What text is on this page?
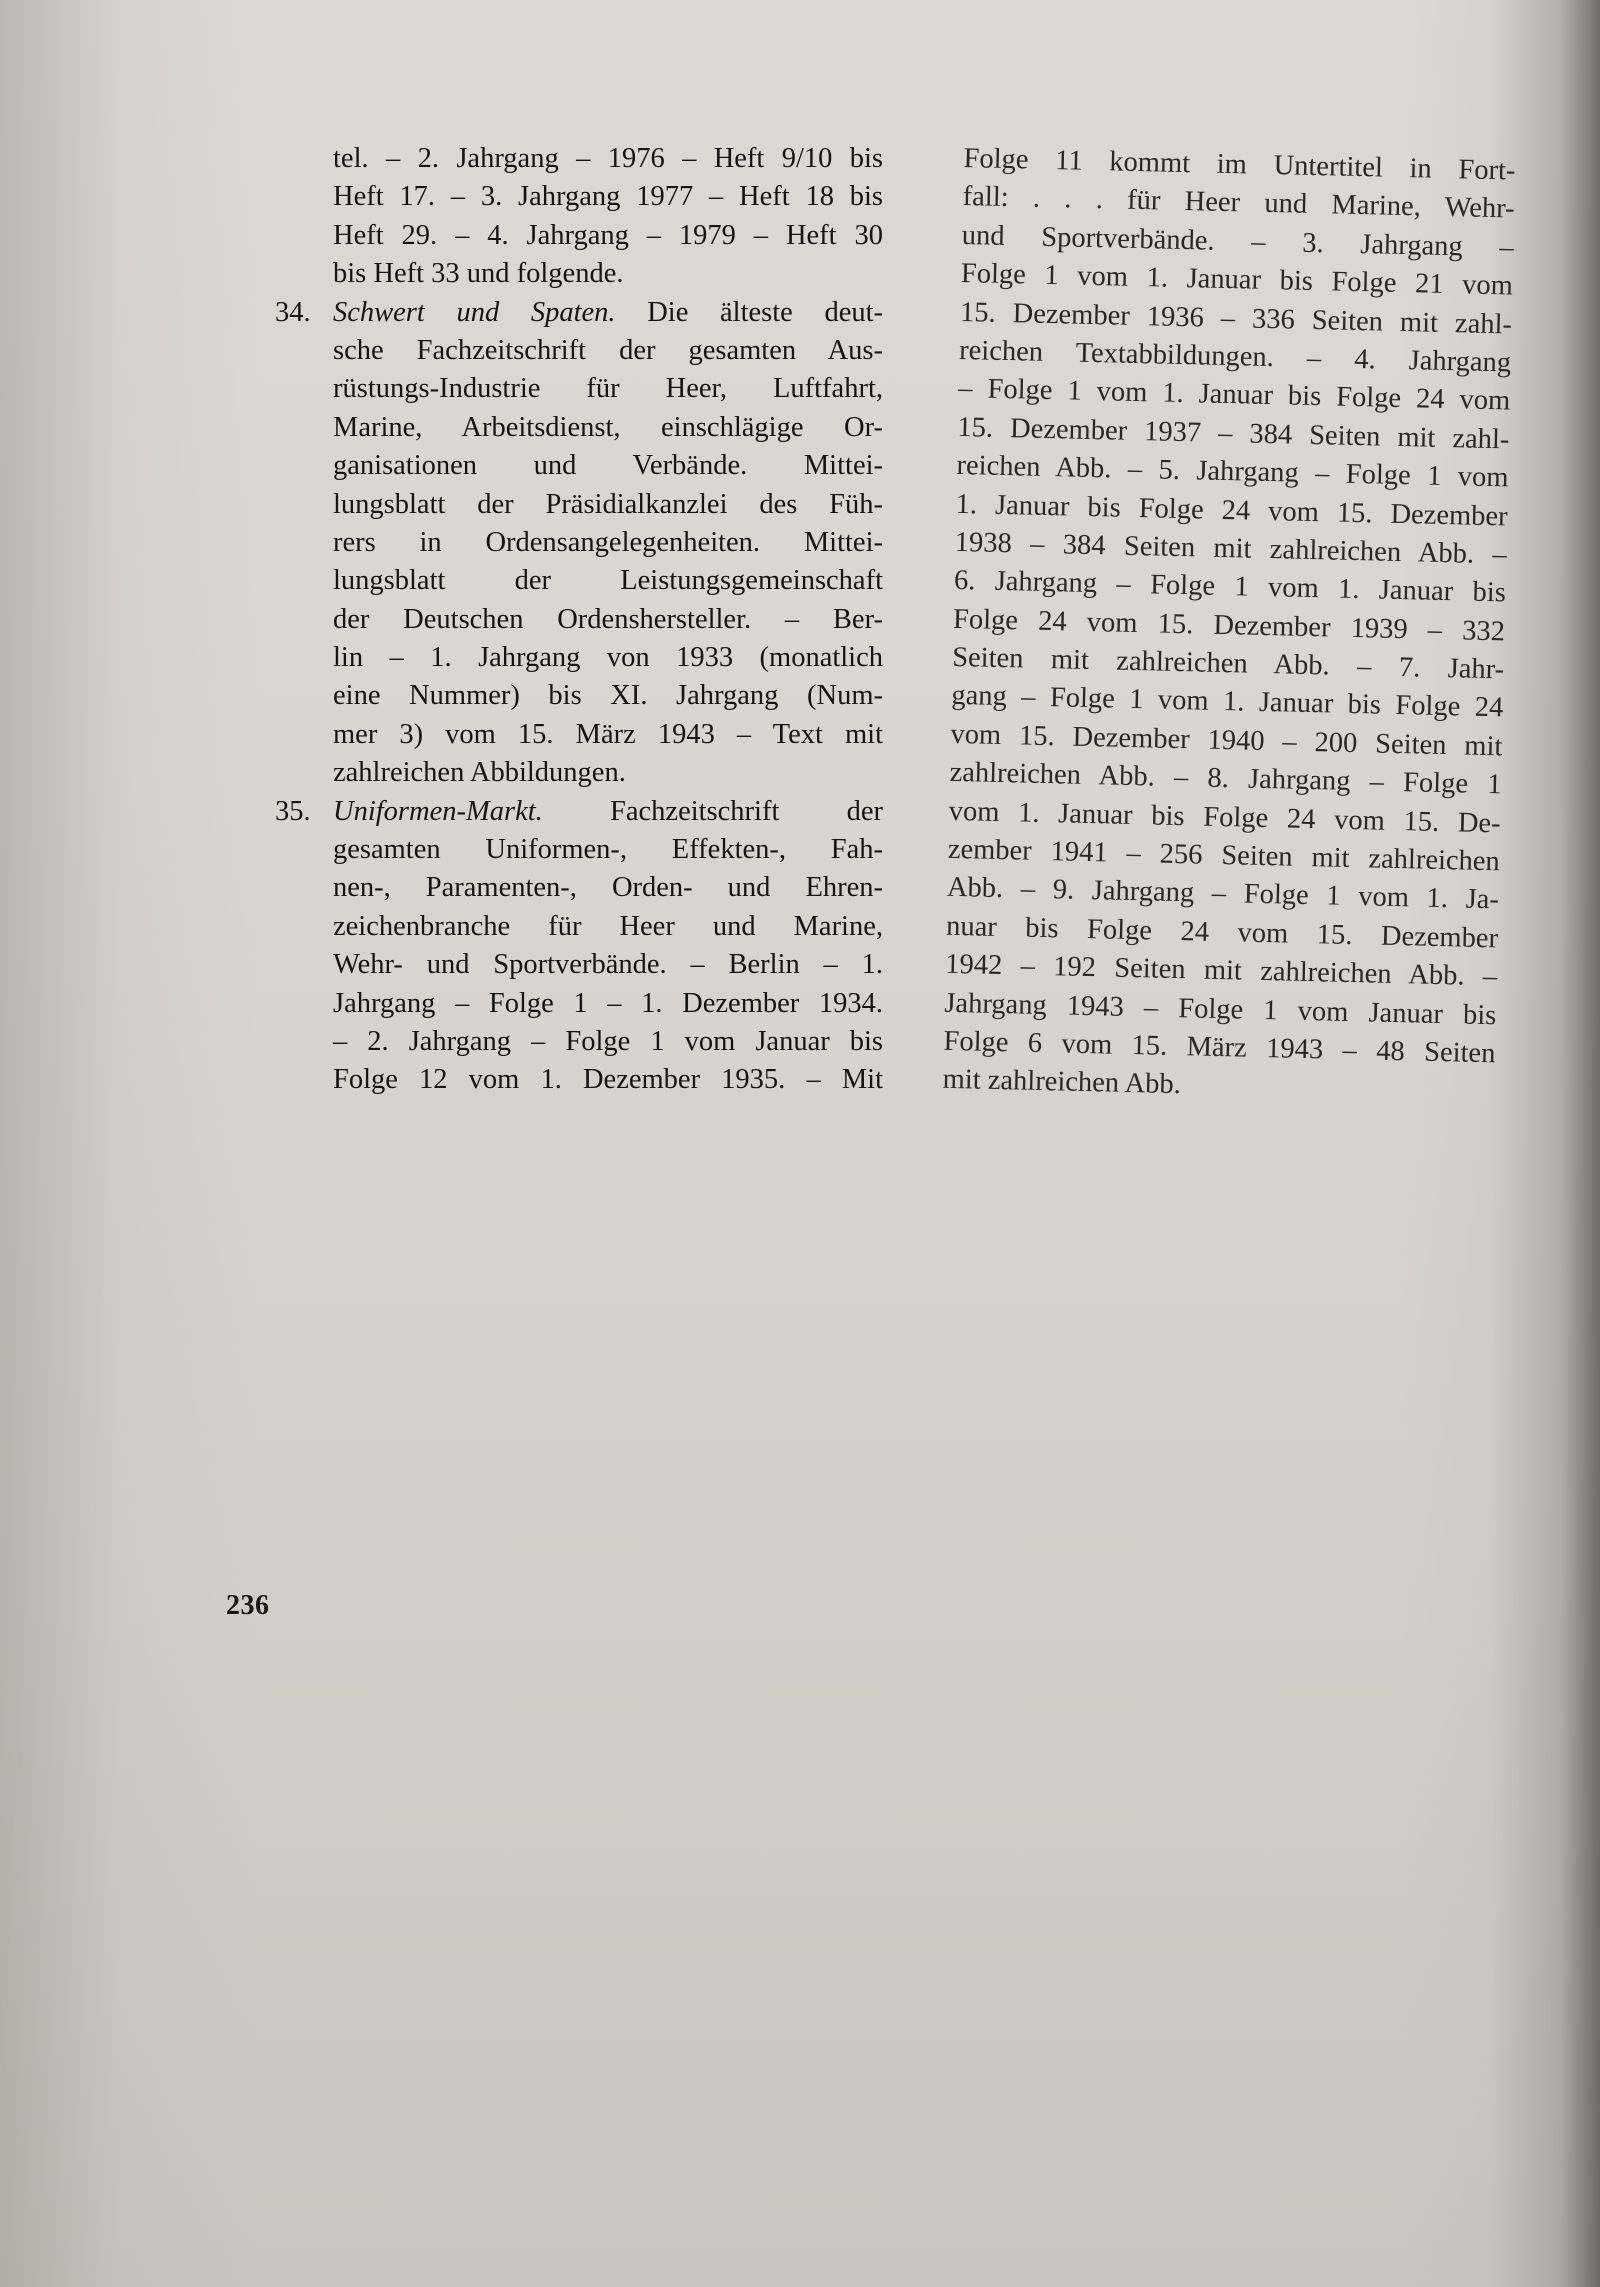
tel. – 2. Jahrgang – 1976 – Heft 9/10 bis
Heft 17. – 3. Jahrgang 1977 – Heft 18 bis
Heft 29. – 4. Jahrgang – 1979 – Heft 30
bis Heft 33 und folgende.
34. Schwert und Spaten. Die älteste deut-
sche Fachzeitschrift der gesamten Aus-
rüstungs-Industrie für Heer, Luftfahrt,
Marine, Arbeitsdienst, einschlägige Or-
ganisationen und Verbände. Mittei-
lungsblatt der Präsidialkanzlei des Füh-
rers in Ordensangelegenheiten. Mittei-
lungsblatt der Leistungsgemeinschaft
der Deutschen Ordenshersteller. – Ber-
lin – 1. Jahrgang von 1933 (monatlich
eine Nummer) bis XI. Jahrgang (Num-
mer 3) vom 15. März 1943 – Text mit
zahlreichen Abbildungen.
35. Uniformen-Markt. Fachzeitschrift der
gesamten Uniformen-, Effekten-, Fah-
nen-, Paramenten-, Orden- und Ehren-
zeichenbranche für Heer und Marine,
Wehr- und Sportverbände. – Berlin – 1.
Jahrgang – Folge 1 – 1. Dezember 1934.
– 2. Jahrgang – Folge 1 vom Januar bis
Folge 12 vom 1. Dezember 1935. – Mit
Folge 11 kommt im Untertitel in Fort-
fall: . . . für Heer und Marine, Wehr-
und Sportverbände. – 3. Jahrgang –
Folge 1 vom 1. Januar bis Folge 21 vom
15. Dezember 1936 – 336 Seiten mit zahl-
reichen Textabbildungen. – 4. Jahrgang
– Folge 1 vom 1. Januar bis Folge 24 vom
15. Dezember 1937 – 384 Seiten mit zahl-
reichen Abb. – 5. Jahrgang – Folge 1 vom
1. Januar bis Folge 24 vom 15. Dezember
1938 – 384 Seiten mit zahlreichen Abb. –
6. Jahrgang – Folge 1 vom 1. Januar bis
Folge 24 vom 15. Dezember 1939 – 332
Seiten mit zahlreichen Abb. – 7. Jahr-
gang – Folge 1 vom 1. Januar bis Folge 24
vom 15. Dezember 1940 – 200 Seiten mit
zahlreichen Abb. – 8. Jahrgang – Folge 1
vom 1. Januar bis Folge 24 vom 15. De-
zember 1941 – 256 Seiten mit zahlreichen
Abb. – 9. Jahrgang – Folge 1 vom 1. Ja-
nuar bis Folge 24 vom 15. Dezember
1942 – 192 Seiten mit zahlreichen Abb. –
Jahrgang 1943 – Folge 1 vom Januar bis
Folge 6 vom 15. März 1943 – 48 Seiten
mit zahlreichen Abb.
236
